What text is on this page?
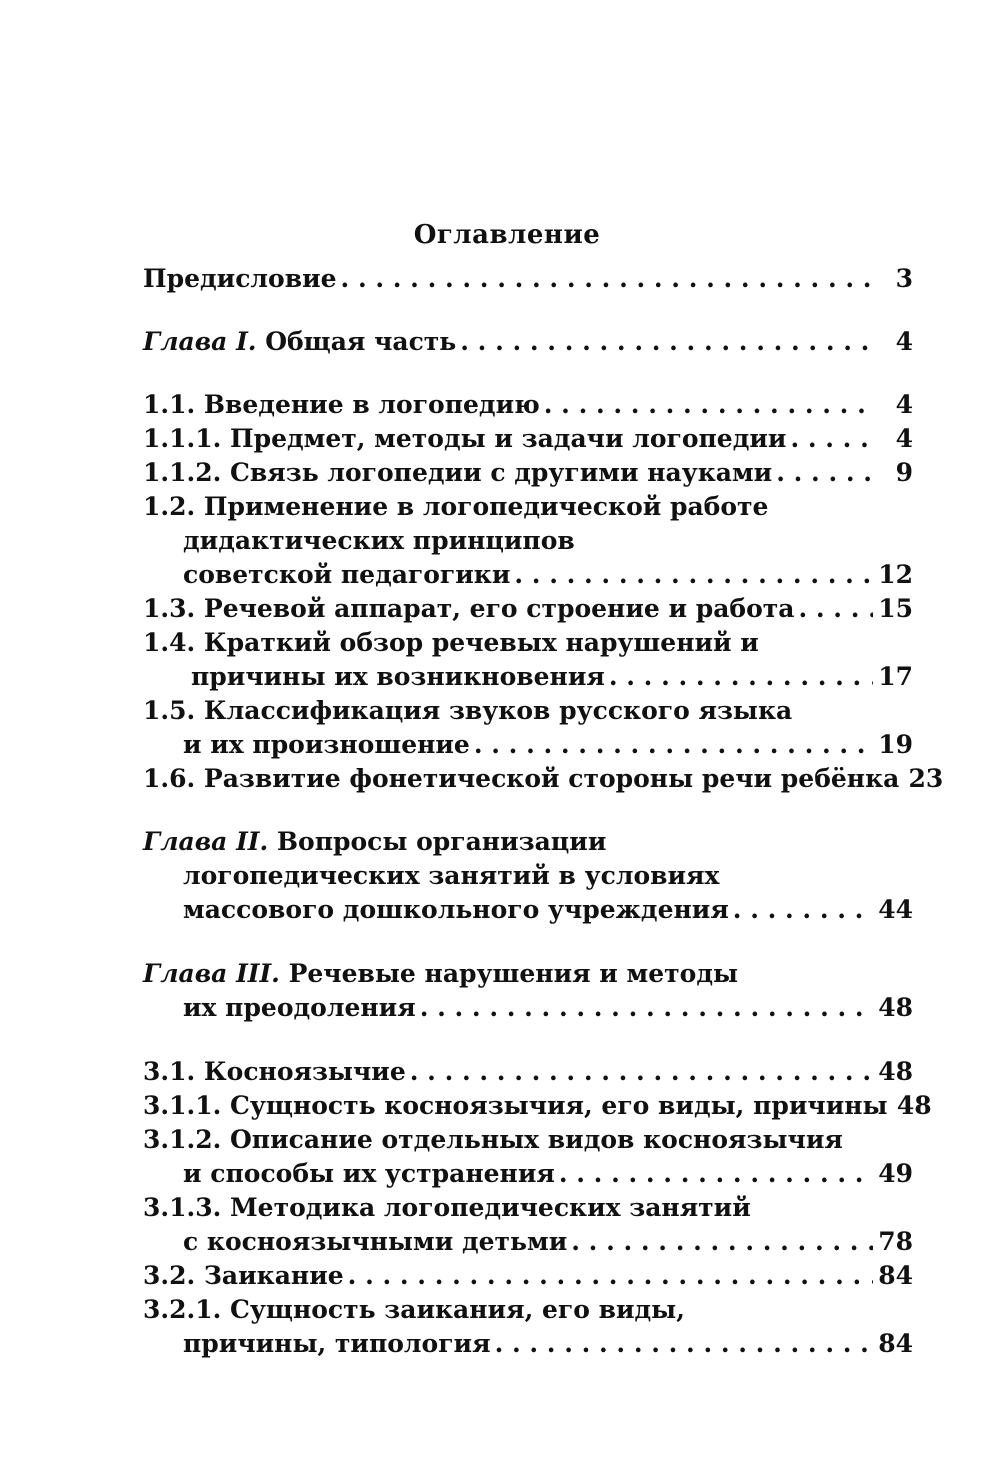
Оглавление
Предисловие . . .	3
Глава I. Общая часть . . .	4
1.1. Введение в логопедию . . .	4
1.1.1. Предмет, методы и задачи логопедии . . .	4
1.1.2. Связь логопедии с другими науками . . .	9
1.2. Применение в логопедической работе
дидактических принципов
советской педагогики . . .	12
1.3. Речевой аппарат, его строение и работа . . .	15
1.4. Краткий обзор речевых нарушений и
причины их возникновения . . .	17
1.5. Классификация звуков русского языка
и их произношение . . .	19
1.6. Развитие фонетической стороны речи ребёнка 23
Глава II. Вопросы организации
логопедических занятий в условиях
массового дошкольного учреждения . . .	44
Глава III. Речевые нарушения и методы
их преодоления . . .	48
3.1. Косноязычие . . .	48
3.1.1. Сущность косноязычия, его виды, причины 48
3.1.2. Описание отдельных видов косноязычия
и способы их устранения . . .	49
3.1.3. Методика логопедических занятий
с косноязычными детьми . . .	78
3.2. Заикание . . .	84
3.2.1. Сущность заикания, его виды,
причины, типология . . .	84
